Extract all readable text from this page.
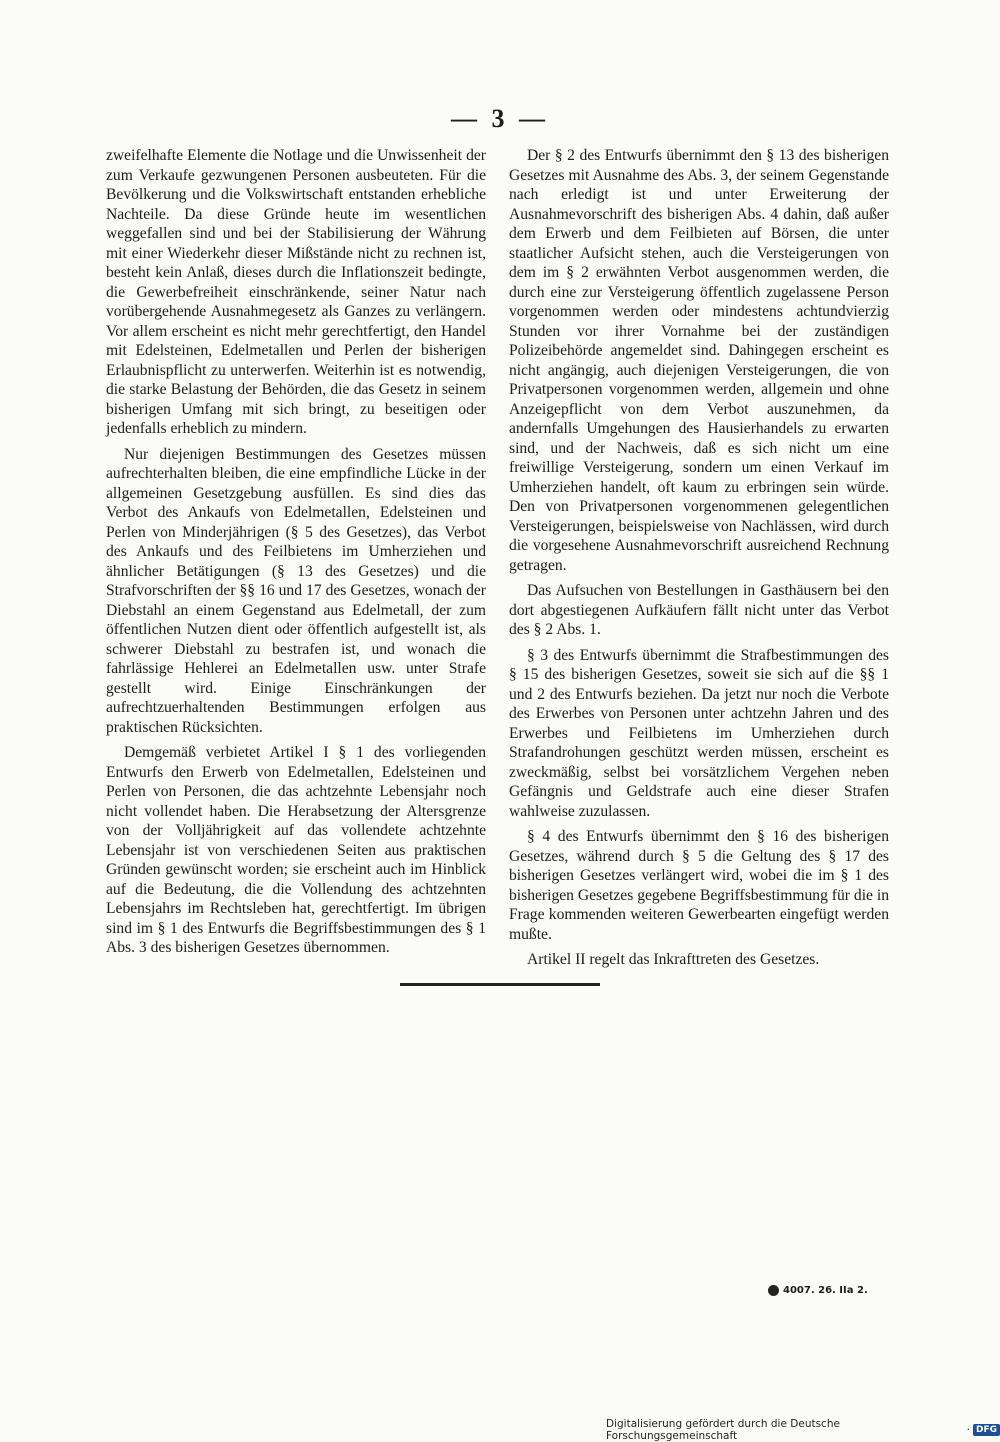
— 3 —

zweifelhafte Elemente die Notlage und die Unwissenheit der zum Verkaufe gezwungenen Personen ausbeuteten. Für die Bevölkerung und die Volkswirtschaft entstanden erhebliche Nachteile. Da diese Gründe heute im wesentlichen weggefallen sind und bei der Stabilisierung der Währung mit einer Wiederkehr dieser Mißstände nicht zu rechnen ist, besteht kein Anlaß, dieses durch die Inflationszeit bedingte, die Gewerbefreiheit einschränkende, seiner Natur nach vorübergehende Ausnahmegesetz als Ganzes zu verlängern. Vor allem erscheint es nicht mehr gerechtfertigt, den Handel mit Edelsteinen, Edelmetallen und Perlen der bisherigen Erlaubnispflicht zu unterwerfen. Weiterhin ist es notwendig, die starke Belastung der Behörden, die das Gesetz in seinem bisherigen Umfang mit sich bringt, zu beseitigen oder jedenfalls erheblich zu mindern.

Nur diejenigen Bestimmungen des Gesetzes müssen aufrechterhalten bleiben, die eine empfindliche Lücke in der allgemeinen Gesetzgebung ausfüllen. Es sind dies das Verbot des Ankaufs von Edelmetallen, Edelsteinen und Perlen von Minderjährigen (§ 5 des Gesetzes), das Verbot des Ankaufs und des Feilbietens im Umherziehen und ähnlicher Betätigungen (§ 13 des Gesetzes) und die Strafvorschriften der §§ 16 und 17 des Gesetzes, wonach der Diebstahl an einem Gegenstand aus Edelmetall, der zum öffentlichen Nutzen dient oder öffentlich aufgestellt ist, als schwerer Diebstahl zu bestrafen ist, und wonach die fahrlässige Hehlerei an Edelmetallen usw. unter Strafe gestellt wird. Einige Einschränkungen der aufrechtzuerhaltenden Bestimmungen erfolgen aus praktischen Rücksichten.

Demgemäß verbietet Artikel I § 1 des vorliegenden Entwurfs den Erwerb von Edelmetallen, Edelsteinen und Perlen von Personen, die das achtzehnte Lebensjahr noch nicht vollendet haben. Die Herabsetzung der Altersgrenze von der Volljährigkeit auf das vollendete achtzehnte Lebensjahr ist von verschiedenen Seiten aus praktischen Gründen gewünscht worden; sie erscheint auch im Hinblick auf die Bedeutung, die die Vollendung des achtzehnten Lebensjahrs im Rechtsleben hat, gerechtfertigt. Im übrigen sind im § 1 des Entwurfs die Begriffsbestimmungen des § 1 Abs. 3 des bisherigen Gesetzes übernommen.

Der § 2 des Entwurfs übernimmt den § 13 des bisherigen Gesetzes mit Ausnahme des Abs. 3, der seinem Gegenstande nach erledigt ist und unter Erweiterung der Ausnahmevorschrift des bisherigen Abs. 4 dahin, daß außer dem Erwerb und dem Feilbieten auf Börsen, die unter staatlicher Aufsicht stehen, auch die Versteigerungen von dem im § 2 erwähnten Verbot ausgenommen werden, die durch eine zur Versteigerung öffentlich zugelassene Person vorgenommen werden oder mindestens achtundvierzig Stunden vor ihrer Vornahme bei der zuständigen Polizeibehörde angemeldet sind. Dahingegen erscheint es nicht angängig, auch diejenigen Versteigerungen, die von Privatpersonen vorgenommen werden, allgemein und ohne Anzeigepflicht von dem Verbot auszunehmen, da andernfalls Umgehungen des Hausierhandels zu erwarten sind, und der Nachweis, daß es sich nicht um eine freiwillige Versteigerung, sondern um einen Verkauf im Umherziehen handelt, oft kaum zu erbringen sein würde. Den von Privatpersonen vorgenommenen gelegentlichen Versteigerungen, beispielsweise von Nachlässen, wird durch die vorgesehene Ausnahmevorschrift ausreichend Rechnung getragen.

Das Aufsuchen von Bestellungen in Gasthäusern bei den dort abgestiegenen Aufkäufern fällt nicht unter das Verbot des § 2 Abs. 1.

§ 3 des Entwurfs übernimmt die Strafbestimmungen des § 15 des bisherigen Gesetzes, soweit sie sich auf die §§ 1 und 2 des Entwurfs beziehen. Da jetzt nur noch die Verbote des Erwerbes von Personen unter achtzehn Jahren und des Erwerbes und Feilbietens im Umherziehen durch Strafandrohungen geschützt werden müssen, erscheint es zweckmäßig, selbst bei vorsätzlichem Vergehen neben Gefängnis und Geldstrafe auch eine dieser Strafen wahlweise zuzulassen.

§ 4 des Entwurfs übernimmt den § 16 des bisherigen Gesetzes, während durch § 5 die Geltung des § 17 des bisherigen Gesetzes verlängert wird, wobei die im § 1 des bisherigen Gesetzes gegebene Begriffsbestimmung für die in Frage kommenden weiteren Gewerbearten eingefügt werden mußte.

Artikel II regelt das Inkrafttreten des Gesetzes.

4007. 26. IIa 2.
Digitalisierung gefördert durch die Deutsche Forschungsgemeinschaft	· DFG
